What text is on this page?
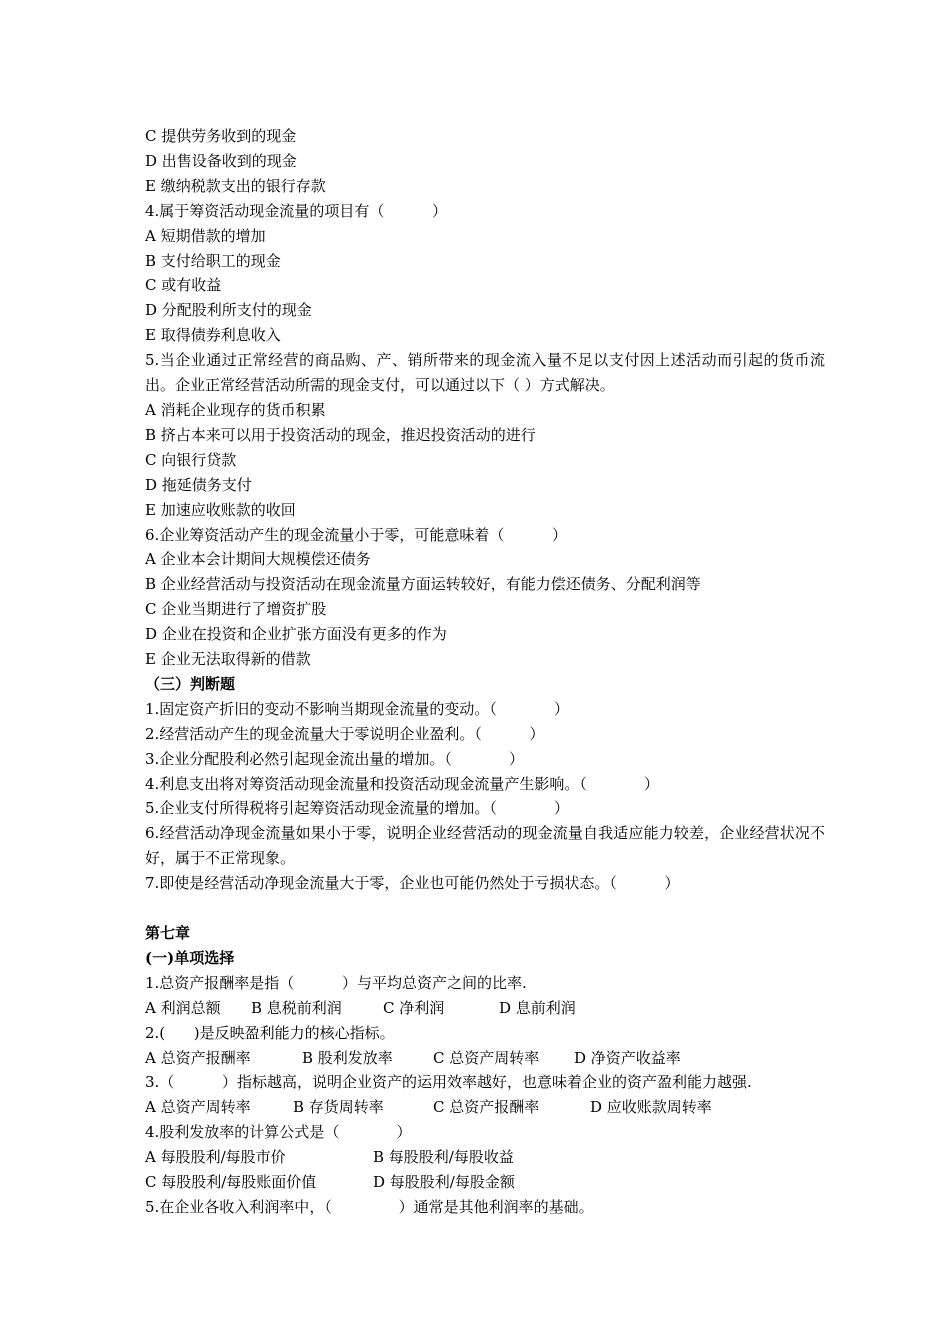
C 提供劳务收到的现金
D 出售设备收到的现金
E 缴纳税款支出的银行存款
4.属于筹资活动现金流量的项目有（          ）
A 短期借款的增加
B 支付给职工的现金
C 或有收益
D 分配股利所支付的现金
E 取得债券利息收入
5.当企业通过正常经营的商品购、产、销所带来的现金流入量不足以支付因上述活动而引起的货币流出。企业正常经营活动所需的现金支付，可以通过以下（ ）方式解决。
A 消耗企业现存的货币积累
B 挤占本来可以用于投资活动的现金，推迟投资活动的进行
C 向银行贷款
D 拖延债务支付
E 加速应收账款的收回
6.企业筹资活动产生的现金流量小于零，可能意味着（          ）
A 企业本会计期间大规模偿还债务
B 企业经营活动与投资活动在现金流量方面运转较好，有能力偿还债务、分配利润等
C 企业当期进行了增资扩股
D 企业在投资和企业扩张方面没有更多的作为
E 企业无法取得新的借款
（三）判断题
1.固定资产折旧的变动不影响当期现金流量的变动。（            ）
2.经营活动产生的现金流量大于零说明企业盈利。（          ）
3.企业分配股利必然引起现金流出量的增加。（            ）
4.利息支出将对筹资活动现金流量和投资活动现金流量产生影响。（            ）
5.企业支付所得税将引起筹资活动现金流量的增加。（            ）
6.经营活动净现金流量如果小于零，说明企业经营活动的现金流量自我适应能力较差，企业经营状况不好，属于不正常现象。
7.即使是经营活动净现金流量大于零，企业也可能仍然处于亏损状态。（          ）
第七章
(一)单项选择
1.总资产报酬率是指（          ）与平均总资产之间的比率.
A 利润总额	B 息税前利润	C 净利润	D 息前利润
2.(      )是反映盈利能力的核心指标。
A 总资产报酬率	B 股利发放率	C 总资产周转率	D 净资产收益率
3.（          ）指标越高，说明企业资产的运用效率越好，也意味着企业的资产盈利能力越强.
A 总资产周转率	B 存货周转率	C 总资产报酬率	D 应收账款周转率
4.股利发放率的计算公式是（            ）
A 每股股利/每股市价	B 每股股利/每股收益
C 每股股利/每股账面价值	D 每股股利/每股金额
5.在企业各收入利润率中，（              ）通常是其他利润率的基础。
